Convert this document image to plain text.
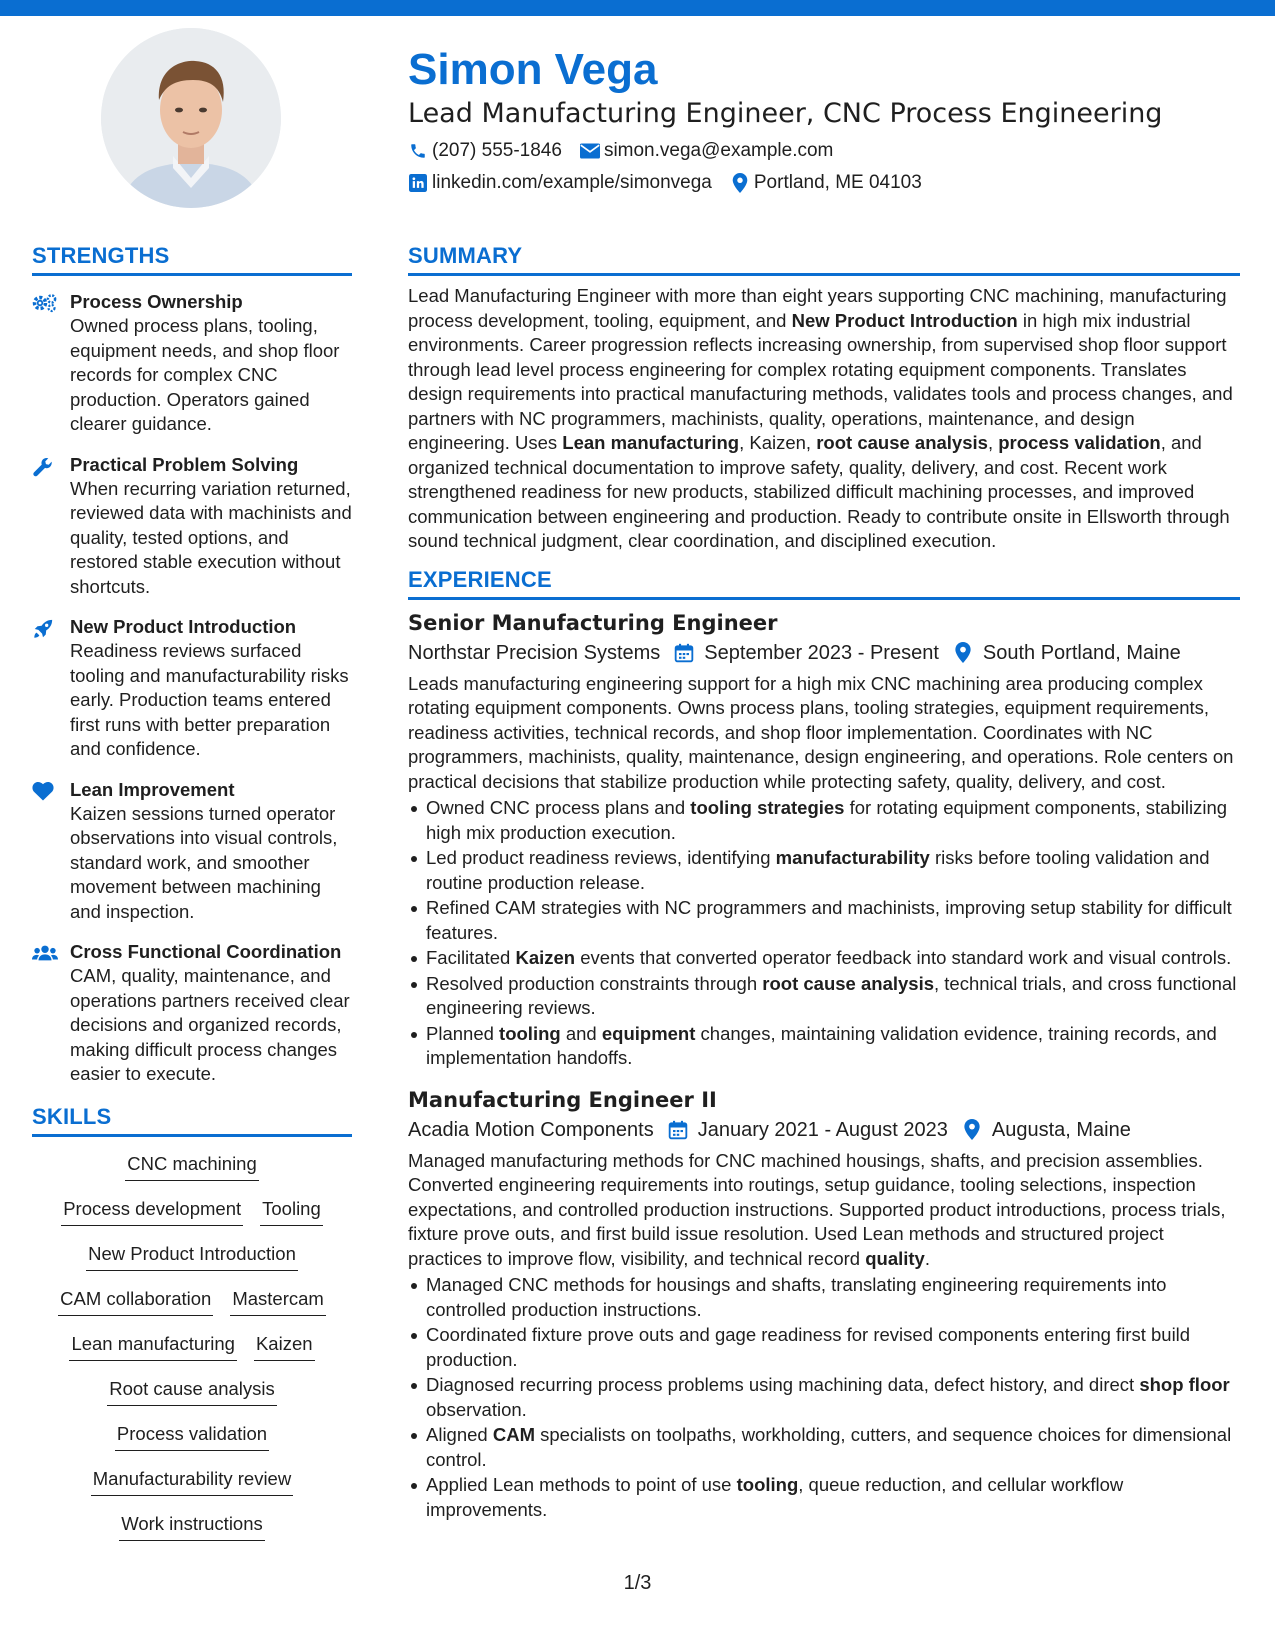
Simon Vega
Lead Manufacturing Engineer, CNC Process Engineering
(207) 555-1846 simon.vega@example.com
linkedin.com/example/simonvega Portland, ME 04103
STRENGTHS
Process Ownership
Owned process plans, tooling, equipment needs, and shop floor records for complex CNC production. Operators gained clearer guidance.
Practical Problem Solving
When recurring variation returned, reviewed data with machinists and quality, tested options, and restored stable execution without shortcuts.
New Product Introduction
Readiness reviews surfaced tooling and manufacturability risks early. Production teams entered first runs with better preparation and confidence.
Lean Improvement
Kaizen sessions turned operator observations into visual controls, standard work, and smoother movement between machining and inspection.
Cross Functional Coordination
CAM, quality, maintenance, and operations partners received clear decisions and organized records, making difficult process changes easier to execute.
SKILLS
CNC machining
Process development Tooling
New Product Introduction
CAM collaboration Mastercam
Lean manufacturing Kaizen
Root cause analysis
Process validation
Manufacturability review
Work instructions
SUMMARY
Lead Manufacturing Engineer with more than eight years supporting CNC machining, manufacturing process development, tooling, equipment, and New Product Introduction in high mix industrial environments. Career progression reflects increasing ownership, from supervised shop floor support through lead level process engineering for complex rotating equipment components. Translates design requirements into practical manufacturing methods, validates tools and process changes, and partners with NC programmers, machinists, quality, operations, maintenance, and design engineering. Uses Lean manufacturing, Kaizen, root cause analysis, process validation, and organized technical documentation to improve safety, quality, delivery, and cost. Recent work strengthened readiness for new products, stabilized difficult machining processes, and improved communication between engineering and production. Ready to contribute onsite in Ellsworth through sound technical judgment, clear coordination, and disciplined execution.
EXPERIENCE
Senior Manufacturing Engineer
Northstar Precision Systems September 2023 - Present South Portland, Maine
Leads manufacturing engineering support for a high mix CNC machining area producing complex rotating equipment components. Owns process plans, tooling strategies, equipment requirements, readiness activities, technical records, and shop floor implementation. Coordinates with NC programmers, machinists, quality, maintenance, design engineering, and operations. Role centers on practical decisions that stabilize production while protecting safety, quality, delivery, and cost.
Owned CNC process plans and tooling strategies for rotating equipment components, stabilizing high mix production execution.
Led product readiness reviews, identifying manufacturability risks before tooling validation and routine production release.
Refined CAM strategies with NC programmers and machinists, improving setup stability for difficult features.
Facilitated Kaizen events that converted operator feedback into standard work and visual controls.
Resolved production constraints through root cause analysis, technical trials, and cross functional engineering reviews.
Planned tooling and equipment changes, maintaining validation evidence, training records, and implementation handoffs.
Manufacturing Engineer II
Acadia Motion Components January 2021 - August 2023 Augusta, Maine
Managed manufacturing methods for CNC machined housings, shafts, and precision assemblies. Converted engineering requirements into routings, setup guidance, tooling selections, inspection expectations, and controlled production instructions. Supported product introductions, process trials, fixture prove outs, and first build issue resolution. Used Lean methods and structured project practices to improve flow, visibility, and technical record quality.
Managed CNC methods for housings and shafts, translating engineering requirements into controlled production instructions.
Coordinated fixture prove outs and gage readiness for revised components entering first build production.
Diagnosed recurring process problems using machining data, defect history, and direct shop floor observation.
Aligned CAM specialists on toolpaths, workholding, cutters, and sequence choices for dimensional control.
Applied Lean methods to point of use tooling, queue reduction, and cellular workflow improvements.
1/3
